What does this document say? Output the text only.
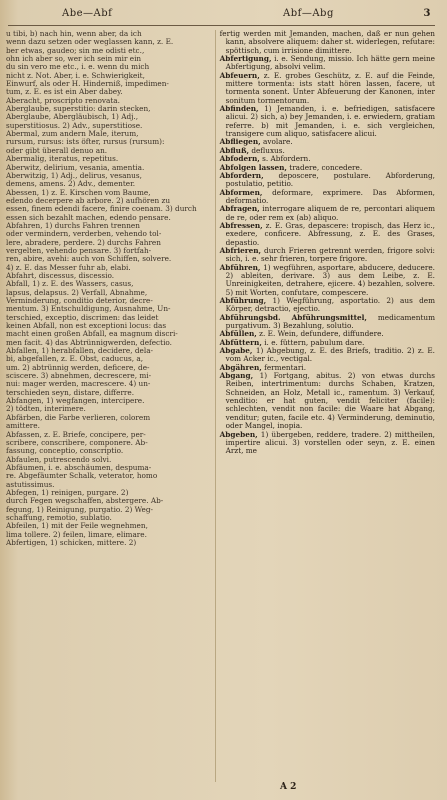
Abe—Abf	Abf—Abg	3

u tibi, b) nach hin, wenn aber, da ich

wenn dazu setzen oder weglassen kann, z. E.

ber etwas, gaudeo; sin me odisti etc.,

ohn ich aber so, wer ich sein mir ein

du sin vero me etc., i. e. wenn du mich

nicht z. Not. Aber, i. e. Schwierigkeit,

Einwurf, als oder H. Hinderniß, impedimen-

tum, z. E. es ist ein Aber dabey.

Aberacht, proscripto renovata.

Aberglaube, superstitio: darin stecken,

Aberglaube, Abergläubisch, 1) Adj.,

superstitiosus. 2) Adv., superstitiose.

Abermal, zum andern Male, iterum,

rursum, rursus: ists öfter, rursus (rursum):

oder gibt überall denuo an.

Abermalig, iteratus, repetitus.

Aberwitz, delirium, vesania, amentia.

Aberwitzig, 1) Adj., delirus, vesanus,

demens, amens. 2) Adv., dementer.

Abessen, 1) z. E. Kirschen vom Baume,

edendo decerpere ab arbore. 2) aufhören zu

essen, finem edendi facere, finire coenam. 3) durch

essen sich bezahlt machen, edendo pensare.

Abfahren, 1) durchs Fahren trennen

oder vermindern, verderben, vehendo tol-

lere, abradere, perdere. 2) durchs Fahren

vergelten, vehendo pensare. 3) fortfah-

ren, abire, avehi: auch von Schiffen, solvere.

4) z. E. das Messer fuhr ab, elabi.

Abfahrt, discessus, discessio.

Abfall, 1) z. E. des Wassers, casus,

lapsus, delapsus. 2) Verfall, Abnahme,

Verminderung, conditio deterior, decre-

mentum. 3) Entschuldigung, Ausnahme, Un-

terschied, exceptio, discrimen: das leidet

keinen Abfall, non est exceptioni locus: das

macht einen großen Abfall, ea magnum discri-

men facit. 4) das Abtrünnigwerden, defectio.

Abfallen, 1) herabfallen, decidere, dela-

bi, abgefallen, z. E. Obst, caducus, a,

um. 2) abtrünnig werden, deficere, de-

sciscere. 3) abnehmen, decrescere, mi-

nui: mager werden, macrescere. 4) un-

terschieden seyn, distare, differre.

Abfangen, 1) wegfangen, intercipere.

2) tödten, interimere.

Abfärben, die Farbe verlieren, colorem

amittere.

Abfassen, z. E. Briefe, concipere, per-

scribere, conscribere, componere. Ab-

fassung, conceptio, conscriptio.

Abfaulen, putrescendo solvi.

Abfäumen, i. e. abschäumen, despuma-

re. Abgefäumter Schalk, veterator, homo

astutissimus.

Abfegen, 1) reinigen, purgare. 2)

durch Fegen wegschaffen, abstergere. Ab-

fegung, 1) Reinigung, purgatio. 2) Weg-

schaffung, remotio, sublatio.

Abfeilen, 1) mit der Feile wegnehmen,

lima tollere. 2) feilen, limare, elimare.

Abfertigen, 1) schicken, mittere. 2)

fertig werden mit Jemanden, machen, daß er nun gehen kann, absolvere aliquem: daher st. widerlegen, refutare: spöttisch, cum irrisione dimittere.

Abfertigung, i. e. Sendung, missio. Ich hätte gern meine Abfertigung, absolvi velim.

Abfeuern, z. E. grobes Geschütz, z. E. auf die Feinde, mittere tormenta: ists statt hören lassen, facere, ut tormenta sonent. Unter Abfeuerung der Kanonen, inter sonitum tormentorum.

Abfinden, 1) Jemanden, i. e. befriedigen, satisfacere alicui. 2) sich, a) bey Jemanden, i. e. erwiedern, gratiam referre. b) mit Jemanden, i. e. sich vergleichen, transigere cum aliquo, satisfacere alicui.

Abfliegen, avolare.

Abfluß, defluxus.

Abfodern, s. Abfordern.

Abfolgen lassen, tradere, concedere.

Abfordern, deposcere, postulare. Abforderung, postulatio, petitio.

Abformen, deformare, exprimere. Das Abformen, deformatio.

Abfragen, interrogare aliquem de re, percontari aliquem de re, oder rem ex (ab) aliquo.

Abfressen, z. E. Gras, depascere: tropisch, das Herz ic., exedere, conficere. Abfressung, z. E. des Grases, depastio.

Abfrieren, durch Frieren getrennt werden, frigore solvi: sich, i. e. sehr frieren, torpere frigore.

Abführen, 1) wegführen, asportare, abducere, deducere. 2) ableiten, derivare. 3) aus dem Leibe, z. E. Unreinigkeiten, detrahere, ejicere. 4) bezahlen, solvere. 5) mit Worten, confutare, compescere.

Abführung, 1) Wegführung, asportatio. 2) aus dem Körper, detractio, ejectio.

Abführungsbd. Abführungsmittel, medicamentum purgativum. 3) Bezahlung, solutio.

Abfüllen, z. E. Wein, defundere, diffundere.

Abfüttern, i. e. füttern, pabulum dare.

Abgabe, 1) Abgebung, z. E. des Briefs, traditio. 2) z. E. vom Acker ic., vectigal.

Abgähren, fermentari.

Abgang, 1) Fortgang, abitus. 2) von etwas durchs Reiben, intertrimentum: durchs Schaben, Kratzen, Schneiden, an Holz, Metall ic., ramentum. 3) Verkauf, venditio: er hat guten, vendit feliciter (facile): schlechten, vendit non facile: die Waare hat Abgang, venditur; guten, facile etc. 4) Verminderung, deminutio, oder Mangel, inopia.

Abgeben, 1) übergeben, reddere, tradere. 2) mittheilen, impertire alicui. 3) vorstellen oder seyn, z. E. einen Arzt, me

A 2
